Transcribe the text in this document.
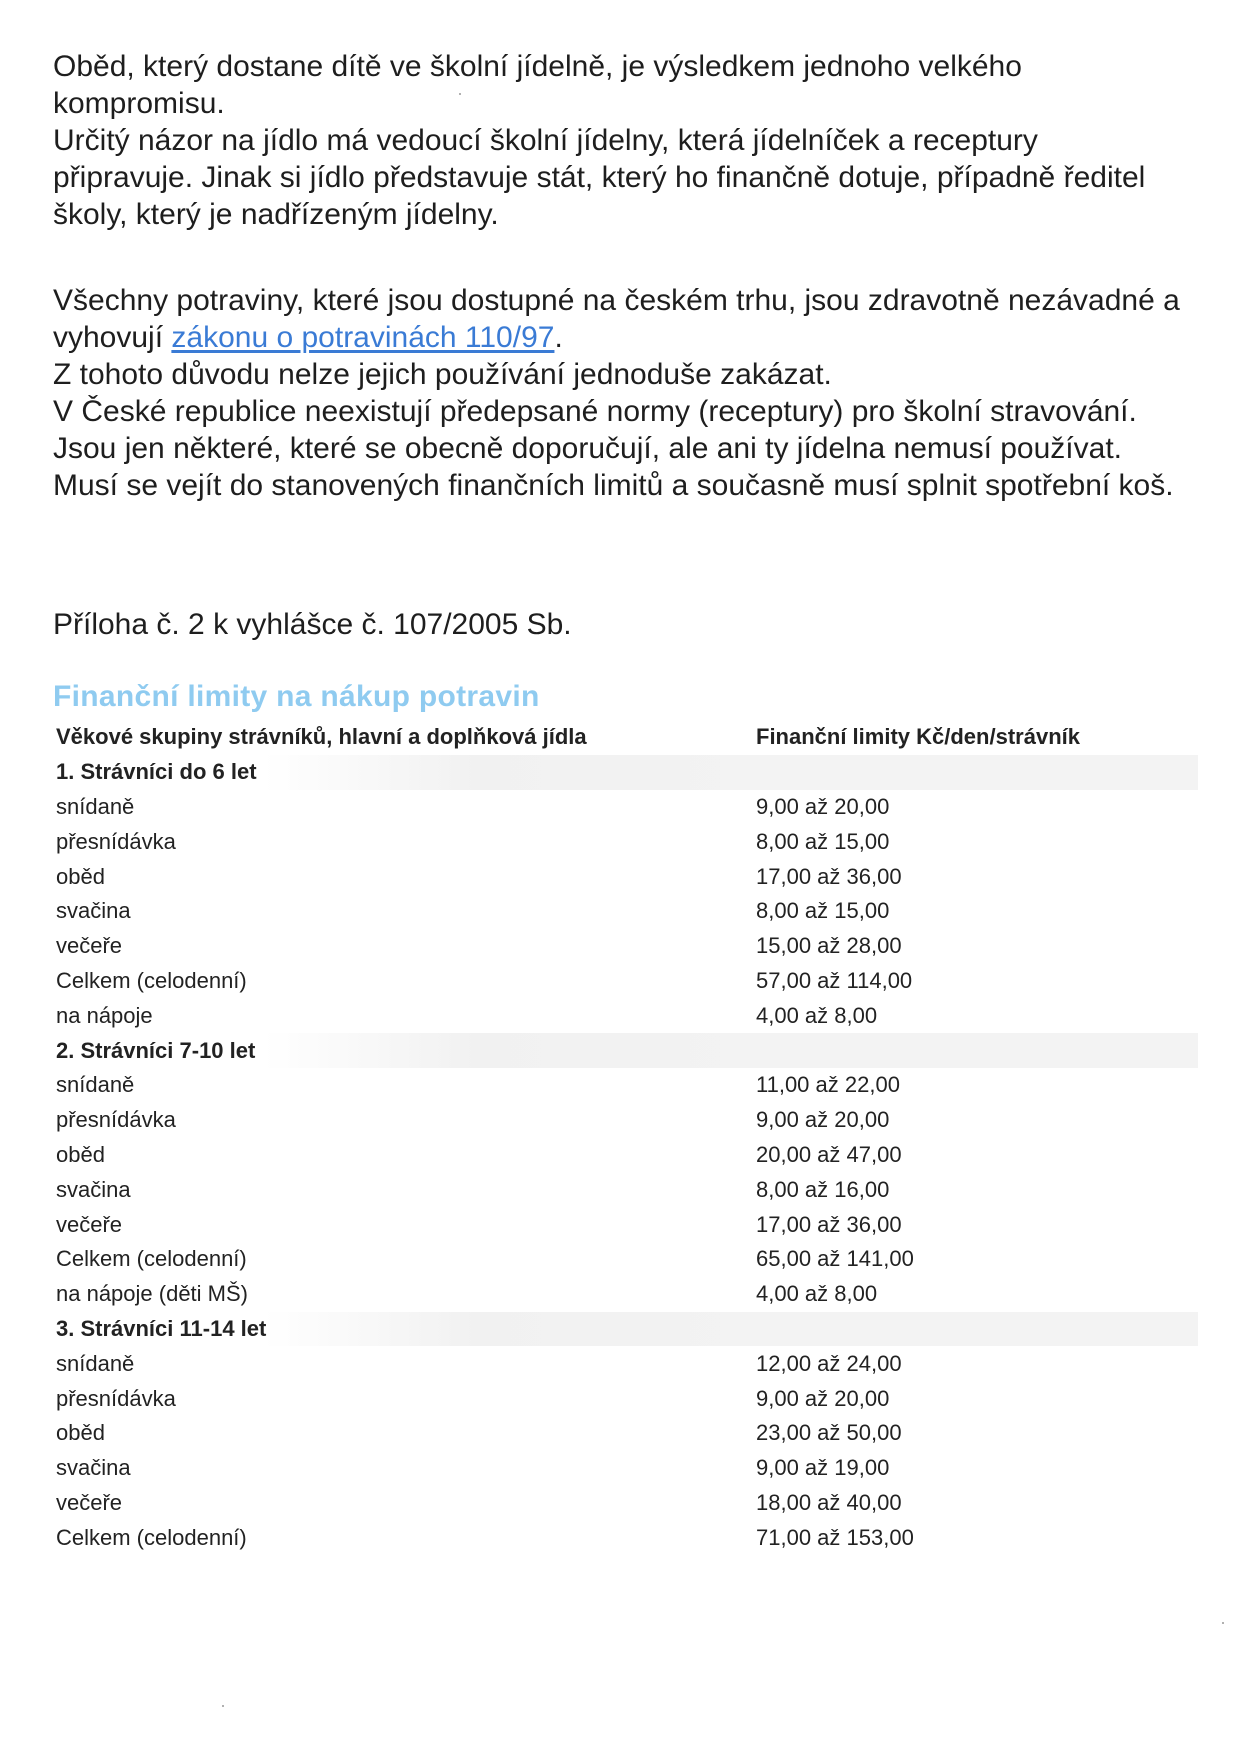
Oběd, který dostane dítě ve školní jídelně, je výsledkem jednoho velkého kompromisu.

Určitý názor na jídlo má vedoucí školní jídelny, která jídelníček a receptury připravuje. Jinak si jídlo představuje stát, který ho finančně dotuje, případně ředitel školy, který je nadřízeným jídelny.

Všechny potraviny, které jsou dostupné na českém trhu, jsou zdravotně nezávadné a vyhovují zákonu o potravinách 110/97.

Z tohoto důvodu nelze jejich používání jednoduše zakázat.

V České republice neexistují předepsané normy (receptury) pro školní stravování. Jsou jen některé, které se obecně doporučují, ale ani ty jídelna nemusí používat.

Musí se vejít do stanovených finančních limitů a současně musí splnit spotřební koš.

Příloha č. 2 k vyhlášce č. 107/2005 Sb.
Finanční limity na nákup potravin
Věkové skupiny strávníků, hlavní a doplňková jídla	Finanční limity Kč/den/strávník
1. Strávníci do 6 let	
snídaně	9,00 až 20,00
přesnídávka	8,00 až 15,00
oběd	17,00 až 36,00
svačina	8,00 až 15,00
večeře	15,00 až 28,00
Celkem (celodenní)	57,00 až 114,00
na nápoje	4,00 až 8,00
2. Strávníci 7-10 let	
snídaně	11,00 až 22,00
přesnídávka	9,00 až 20,00
oběd	20,00 až 47,00
svačina	8,00 až 16,00
večeře	17,00 až 36,00
Celkem (celodenní)	65,00 až 141,00
na nápoje (děti MŠ)	4,00 až 8,00
3. Strávníci 11-14 let	
snídaně	12,00 až 24,00
přesnídávka	9,00 až 20,00
oběd	23,00 až 50,00
svačina	9,00 až 19,00
večeře	18,00 až 40,00
Celkem (celodenní)	71,00 až 153,00
